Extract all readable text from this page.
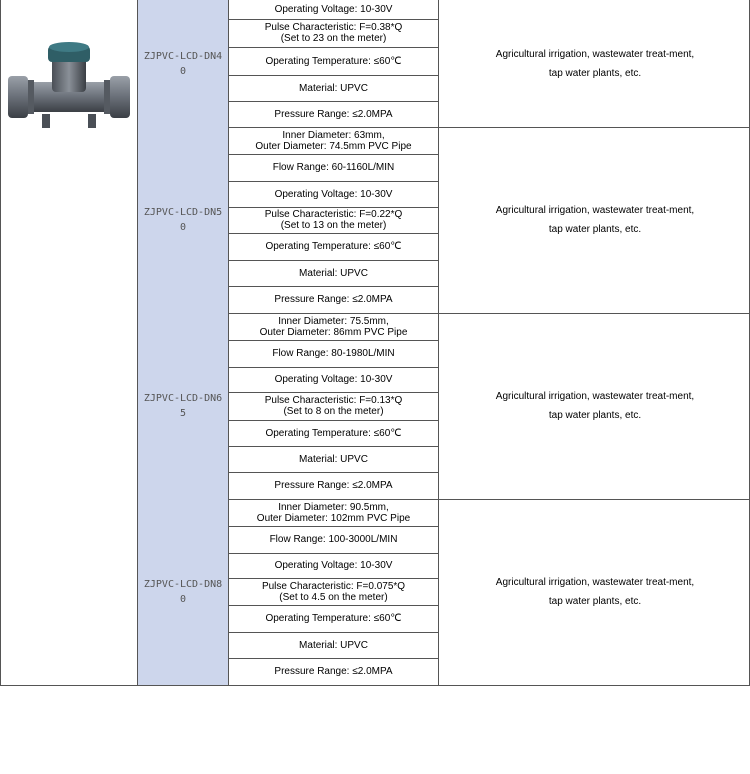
ZJPVC-LCD-DN40
Operating Voltage: 10-30V
Pulse Characteristic: F=0.38*Q
(Set to 23 on the meter)
Operating Temperature: ≤60℃
Material: UPVC
Pressure Range: ≤2.0MPA
Agricultural irrigation, wastewater treat-ment, tap water plants, etc.
ZJPVC-LCD-DN50
Inner Diameter: 63mm,
Outer Diameter: 74.5mm PVC Pipe
Flow Range: 60-1160L/MIN
Operating Voltage: 10-30V
Pulse Characteristic: F=0.22*Q
(Set to 13 on the meter)
Operating Temperature: ≤60℃
Material: UPVC
Pressure Range: ≤2.0MPA
Agricultural irrigation, wastewater treat-ment, tap water plants, etc.
ZJPVC-LCD-DN65
Inner Diameter: 75.5mm,
Outer Diameter: 86mm PVC Pipe
Flow Range: 80-1980L/MIN
Operating Voltage: 10-30V
Pulse Characteristic: F=0.13*Q
(Set to 8 on the meter)
Operating Temperature: ≤60℃
Material: UPVC
Pressure Range: ≤2.0MPA
Agricultural irrigation, wastewater treat-ment, tap water plants, etc.
ZJPVC-LCD-DN80
Inner Diameter: 90.5mm,
Outer Diameter: 102mm PVC Pipe
Flow Range: 100-3000L/MIN
Operating Voltage: 10-30V
Pulse Characteristic: F=0.075*Q
(Set to 4.5 on the meter)
Operating Temperature: ≤60℃
Material: UPVC
Pressure Range: ≤2.0MPA
Agricultural irrigation, wastewater treat-ment, tap water plants, etc.
